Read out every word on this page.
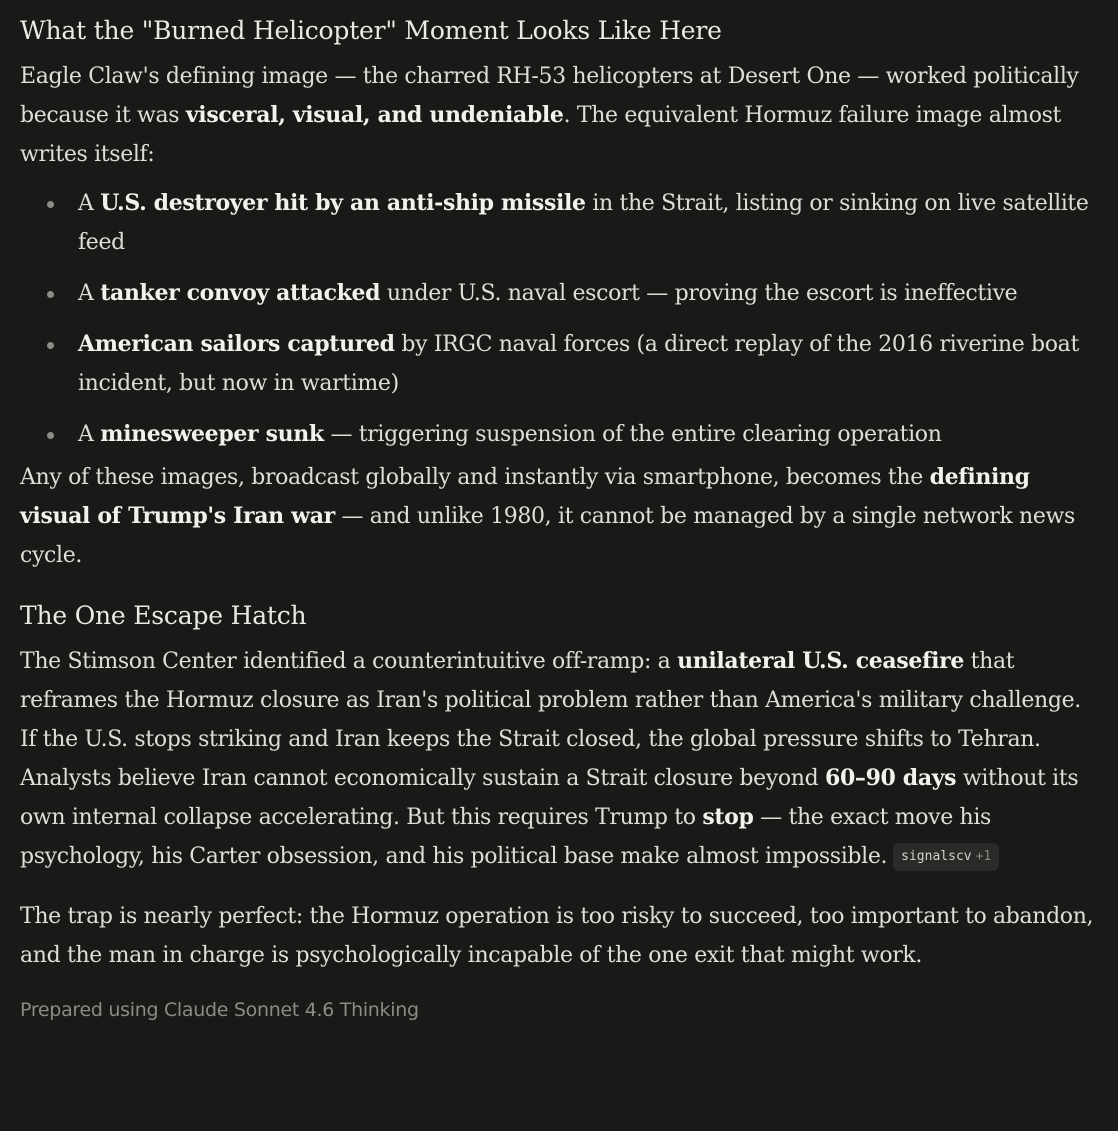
What the "Burned Helicopter" Moment Looks Like Here

Eagle Claw's defining image — the charred RH-53 helicopters at Desert One — worked politically because it was visceral, visual, and undeniable. The equivalent Hormuz failure image almost writes itself:

A U.S. destroyer hit by an anti-ship missile in the Strait, listing or sinking on live satellite feed
A tanker convoy attacked under U.S. naval escort — proving the escort is ineffective
American sailors captured by IRGC naval forces (a direct replay of the 2016 riverine boat incident, but now in wartime)
A minesweeper sunk — triggering suspension of the entire clearing operation

Any of these images, broadcast globally and instantly via smartphone, becomes the defining visual of Trump's Iran war — and unlike 1980, it cannot be managed by a single network news cycle.

The One Escape Hatch

The Stimson Center identified a counterintuitive off-ramp: a unilateral U.S. ceasefire that reframes the Hormuz closure as Iran's political problem rather than America's military challenge. If the U.S. stops striking and Iran keeps the Strait closed, the global pressure shifts to Tehran. Analysts believe Iran cannot economically sustain a Strait closure beyond 60–90 days without its own internal collapse accelerating. But this requires Trump to stop — the exact move his psychology, his Carter obsession, and his political base make almost impossible. signalscv +1

The trap is nearly perfect: the Hormuz operation is too risky to succeed, too important to abandon, and the man in charge is psychologically incapable of the one exit that might work.

Prepared using Claude Sonnet 4.6 Thinking
